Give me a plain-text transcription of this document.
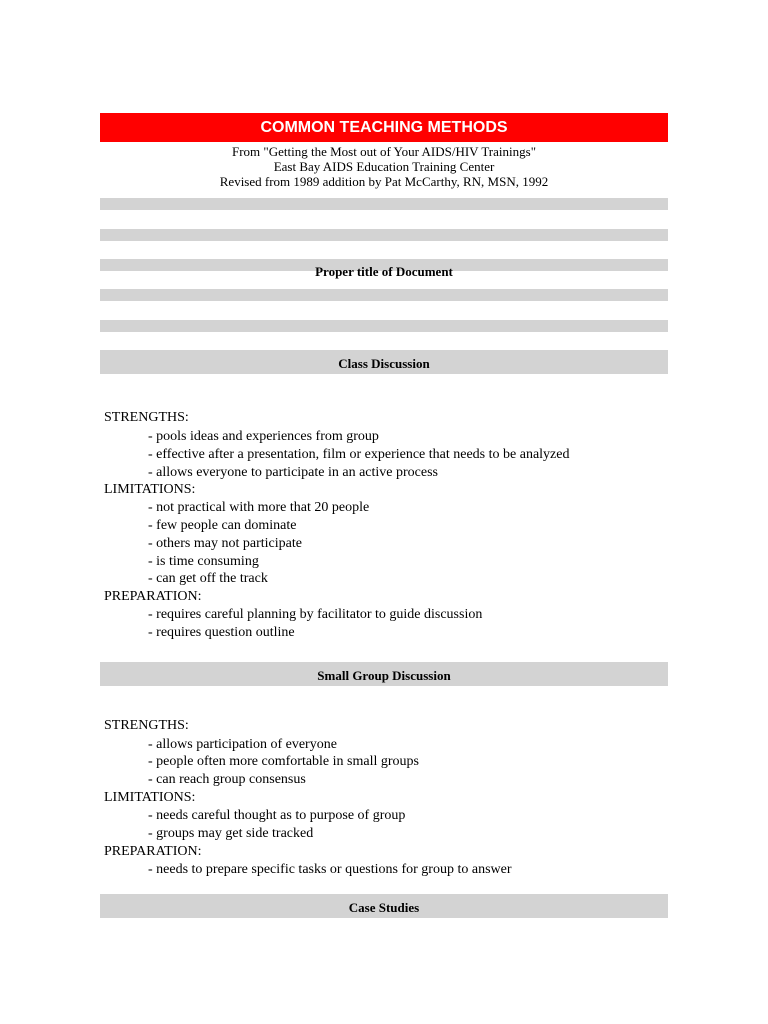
COMMON TEACHING METHODS
From "Getting the Most out of Your AIDS/HIV Trainings"
East Bay AIDS Education Training Center
Revised from 1989 addition by Pat McCarthy, RN, MSN, 1992
Proper title of Document
Class Discussion
STRENGTHS:
- pools ideas and experiences from group
- effective after a presentation, film or experience that needs to be analyzed
- allows everyone to participate in an active process
LIMITATIONS:
- not practical with more that 20 people
- few people can dominate
- others may not participate
- is time consuming
- can get off the track
PREPARATION:
- requires careful planning by facilitator to guide discussion
- requires question outline
Small Group Discussion
STRENGTHS:
- allows participation of everyone
- people often more comfortable in small groups
- can reach group consensus
LIMITATIONS:
- needs careful thought as to purpose of group
- groups may get side tracked
PREPARATION:
- needs to prepare specific tasks or questions for group to answer
Case Studies
